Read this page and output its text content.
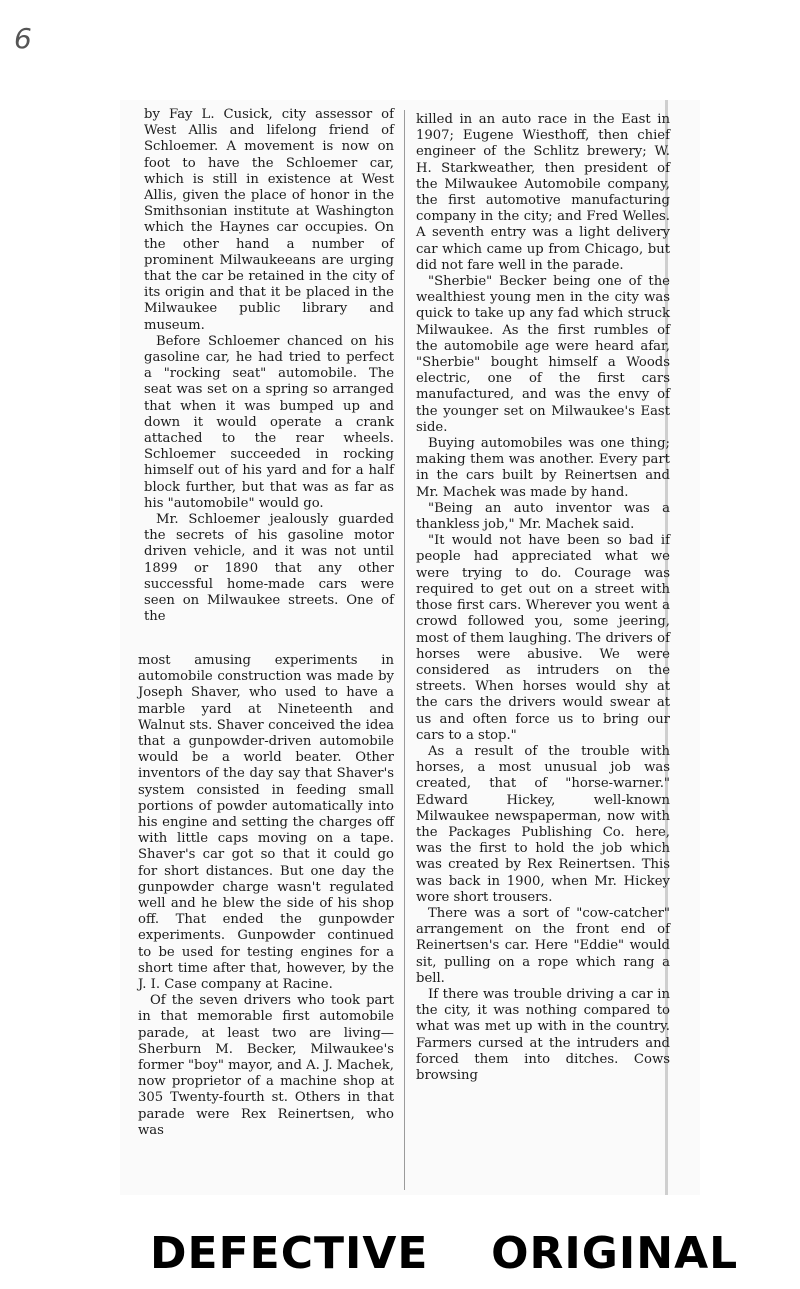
6

by Fay L. Cusick, city assessor of West Allis and lifelong friend of Schloemer. A movement is now on foot to have the Schloemer car, which is still in existence at West Allis, given the place of honor in the Smithsonian institute at Washington which the Haynes car occupies. On the other hand a number of prominent Milwaukeeans are urging that the car be retained in the city of its origin and that it be placed in the Milwaukee public library and museum.

Before Schloemer chanced on his gasoline car, he had tried to perfect a "rocking seat" automobile. The seat was set on a spring so arranged that when it was bumped up and down it would operate a crank attached to the rear wheels. Schloemer succeeded in rocking himself out of his yard and for a half block further, but that was as far as his "automobile" would go.

Mr. Schloemer jealously guarded the secrets of his gasoline motor driven vehicle, and it was not until 1899 or 1890 that any other successful home-made cars were seen on Milwaukee streets. One of the

most amusing experiments in automobile construction was made by Joseph Shaver, who used to have a marble yard at Nineteenth and Walnut sts. Shaver conceived the idea that a gunpowder-driven automobile would be a world beater. Other inventors of the day say that Shaver's system consisted in feeding small portions of powder automatically into his engine and setting the charges off with little caps moving on a tape. Shaver's car got so that it could go for short distances. But one day the gunpowder charge wasn't regulated well and he blew the side of his shop off. That ended the gunpowder experiments. Gunpowder continued to be used for testing engines for a short time after that, however, by the J. I. Case company at Racine.

Of the seven drivers who took part in that memorable first automobile parade, at least two are living—Sherburn M. Becker, Milwaukee's former "boy" mayor, and A. J. Machek, now proprietor of a machine shop at 305 Twenty-fourth st. Others in that parade were Rex Reinertsen, who was

killed in an auto race in the East in 1907; Eugene Wiesthoff, then chief engineer of the Schlitz brewery; W. H. Starkweather, then president of the Milwaukee Automobile company, the first automotive manufacturing company in the city; and Fred Welles. A seventh entry was a light delivery car which came up from Chicago, but did not fare well in the parade.

"Sherbie" Becker being one of the wealthiest young men in the city was quick to take up any fad which struck Milwaukee. As the first rumbles of the automobile age were heard afar, "Sherbie" bought himself a Woods electric, one of the first cars manufactured, and was the envy of the younger set on Milwaukee's East side.

Buying automobiles was one thing; making them was another. Every part in the cars built by Reinertsen and Mr. Machek was made by hand.

"Being an auto inventor was a thankless job," Mr. Machek said.

"It would not have been so bad if people had appreciated what we were trying to do. Courage was required to get out on a street with those first cars. Wherever you went a crowd followed you, some jeering, most of them laughing. The drivers of horses were abusive. We were considered as intruders on the streets. When horses would shy at the cars the drivers would swear at us and often force us to bring our cars to a stop."

As a result of the trouble with horses, a most unusual job was created, that of "horse-warner." Edward Hickey, well-known Milwaukee newspaperman, now with the Packages Publishing Co. here, was the first to hold the job which was created by Rex Reinertsen. This was back in 1900, when Mr. Hickey wore short trousers.

There was a sort of "cow-catcher" arrangement on the front end of Reinertsen's car. Here "Eddie" would sit, pulling on a rope which rang a bell.

If there was trouble driving a car in the city, it was nothing compared to what was met up with in the country. Farmers cursed at the intruders and forced them into ditches. Cows browsing

DEFECTIVE ORIGINAL
